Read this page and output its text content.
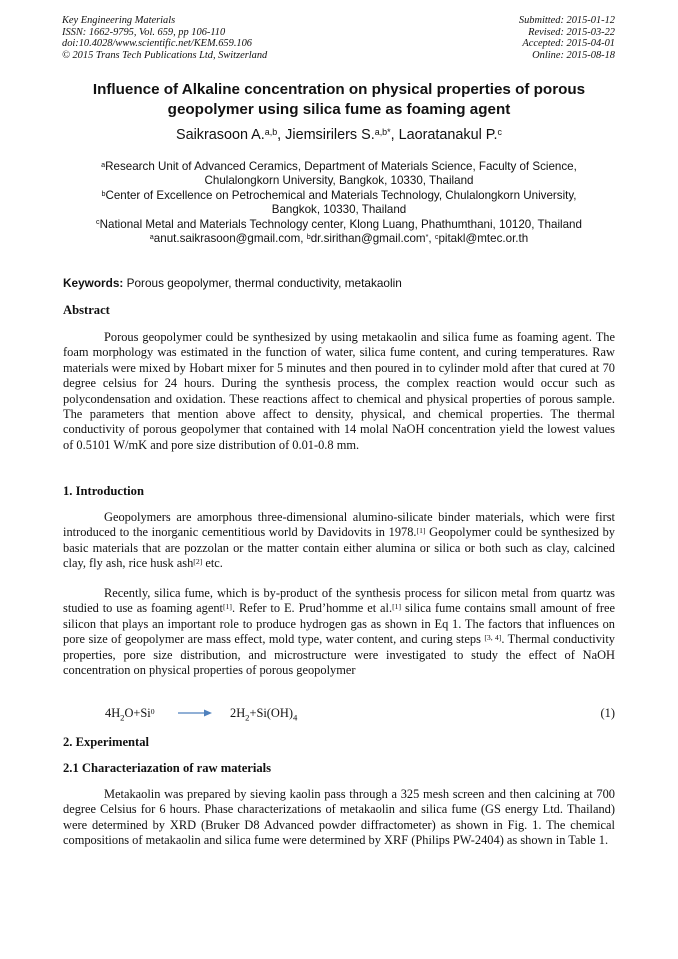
Key Engineering Materials
ISSN: 1662-9795, Vol. 659, pp 106-110
doi:10.4028/www.scientific.net/KEM.659.106
© 2015 Trans Tech Publications Ltd, Switzerland
Submitted: 2015-01-12
Revised: 2015-03-22
Accepted: 2015-04-01
Online: 2015-08-18
Influence of Alkaline concentration on physical properties of porous
geopolymer using silica fume as foaming agent
Saikrasoon A.$^{a,b}$, Jiemsirilers S.$^{a,b*}$, Laoratanakul P.$^c$
$^a$Research Unit of Advanced Ceramics, Department of Materials Science, Faculty of Science,
Chulalongkorn University, Bangkok, 10330, Thailand
$^b$Center of Excellence on Petrochemical and Materials Technology, Chulalongkorn University,
Bangkok, 10330, Thailand
$^c$National Metal and Materials Technology center, Klong Luang, Phathumthani, 10120, Thailand
$^a$anut.saikrasoon@gmail.com, $^b$dr.sirithan@gmail.com*, $^c$pitakl@mtec.or.th
Keywords: Porous geopolymer, thermal conductivity, metakaolin
Abstract
Porous geopolymer could be synthesized by using metakaolin and silica fume as foaming agent. The foam morphology was estimated in the function of water, silica fume content, and curing temperatures. Raw materials were mixed by Hobart mixer for 5 minutes and then poured in to cylinder mold after that cured at 70 degree celsius for 24 hours. During the synthesis process, the complex reaction would occur such as polycondensation and oxidation. These reactions affect to chemical and physical properties of porous sample. The parameters that mention above affect to density, physical, and chemical properties. The thermal conductivity of porous geopolymer that contained with 14 molal NaOH concentration yield the lowest values of 0.5101 W/mK and pore size distribution of 0.01-0.8 mm.
1. Introduction
Geopolymers are amorphous three-dimensional alumino-silicate binder materials, which were first introduced to the inorganic cementitious world by Davidovits in 1978.[1] Geopolymer could be synthesized by basic materials that are pozzolan or the matter contain either alumina or silica or both such as clay, calcined clay, fly ash, rice husk ash[2] etc.
Recently, silica fume, which is by-product of the synthesis process for silicon metal from quartz was studied to use as foaming agent[1]. Refer to E. Prud’homme et al.[1] silica fume contains small amount of free silicon that plays an important role to produce hydrogen gas as shown in Eq 1. The factors that influences on pore size of geopolymer are mass effect, mold type, water content, and curing steps [3, 4]. Thermal conductivity properties, pore size distribution, and microstructure were investigated to study the effect of NaOH concentration on physical properties of porous geopolymer
$4H_2O+Si^0 \to 2H_2+Si(OH)_4$	(1)
2. Experimental
2.1 Characteriazation of raw materials
Metakaolin was prepared by sieving kaolin pass through a 325 mesh screen and then calcining at 700 degree Celsius for 6 hours. Phase characterizations of metakaolin and silica fume (GS energy Ltd. Thailand) were determined by XRD (Bruker D8 Advanced powder diffractometer) as shown in Fig. 1. The chemical compositions of metakaolin and silica fume were determined by XRF (Philips PW-2404) as shown in Table 1.
